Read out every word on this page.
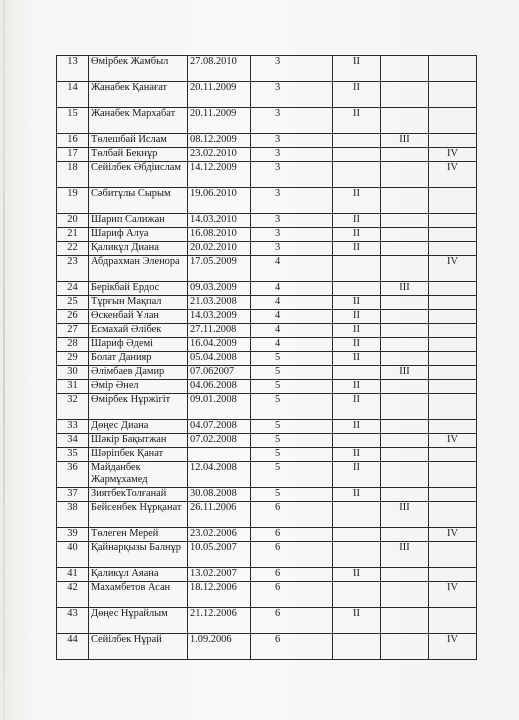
13	Өмірбек Жамбыл	27.08.2010	3	II		
14	Жанабек Қанағат	20.11.2009	3	II		
15	Жанабек Мархабат	20.11.2009	3	II		
16	Төлешбай Ислам	08.12.2009	3		III	
17	Төлбай Бекнұр	23.02.2010	3			IV
18	Сейілбек Әбдіислам	14.12.2009	3			IV
19	Сәбитұлы Сырым	19.06.2010	3	II		
20	Шарип Салижан	14.03.2010	3	II		
21	Шариф Алуа	16.08.2010	3	II		
22	Қаликұл Диана	20.02.2010	3	II		
23	Абдрахман Эленора	17.05.2009	4			IV
24	Берікбай Ердос	09.03.2009	4		III	
25	Тұрғын Мақпал	21.03.2008	4	II		
26	Өскенбай Ұлан	14.03.2009	4	II		
27	Есмахай Әлібек	27.11.2008	4	II		
28	Шариф Әдемі	16.04.2009	4	II		
29	Болат Данияр	05.04.2008	5	II		
30	Әлімбаев Дамир	07.062007	5		III	
31	Әмір Әнел	04.06.2008	5	II		
32	Өмірбек Нұржігіт	09.01.2008	5	II		
33	Дөңес Диана	04.07.2008	5	II		
34	Шәкір Бақытжан	07.02.2008	5			IV
35	Шәріпбек Қанат		5	II		
36	Майданбек Жармұхамед	12.04.2008	5	II		
37	ЗиятбекТолғанай	30.08.2008	5	II		
38	Бейсенбек Нұрқанат	26.11.2006	6		III	
39	Төлеген Мерей	23.02.2006	6			IV
40	Қайнарқызы Балнұр	10.05.2007	6		III	
41	Қаликұл Аяана	13.02.2007	6	II		
42	Махамбетов Асан	18.12.2006	6			IV
43	Дөңес Нұрайлым	21.12.2006	6	II		
44	Сейілбек Нұрай	1.09.2006	6			IV
